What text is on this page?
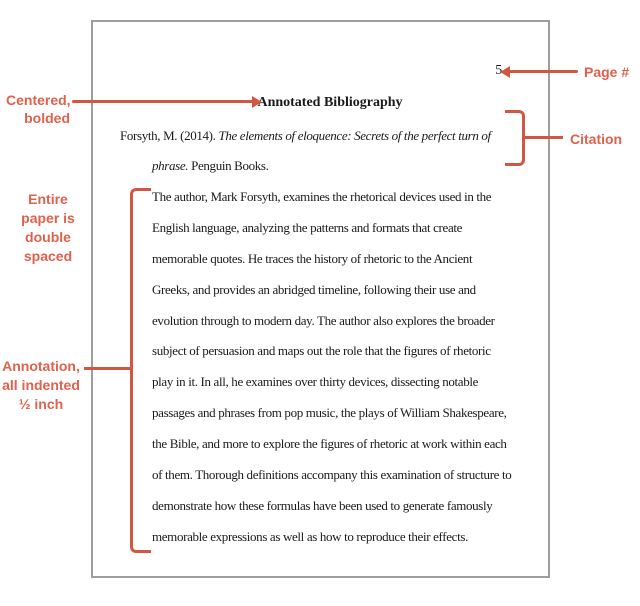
5
Annotated Bibliography
Forsyth, M. (2014). The elements of eloquence: Secrets of the perfect turn of
phrase. Penguin Books.
The author, Mark Forsyth, examines the rhetorical devices used in the
English language, analyzing the patterns and formats that create
memorable quotes. He traces the history of rhetoric to the Ancient
Greeks, and provides an abridged timeline, following their use and
evolution through to modern day. The author also explores the broader
subject of persuasion and maps out the role that the figures of rhetoric
play in it. In all, he examines over thirty devices, dissecting notable
passages and phrases from pop music, the plays of William Shakespeare,
the Bible, and more to explore the figures of rhetoric at work within each
of them. Thorough definitions accompany this examination of structure to
demonstrate how these formulas have been used to generate famously
memorable expressions as well as how to reproduce their effects.
Centered,
bolded
Page #
Citation
Entire
paper is
double
spaced
Annotation,
all indented
½ inch
